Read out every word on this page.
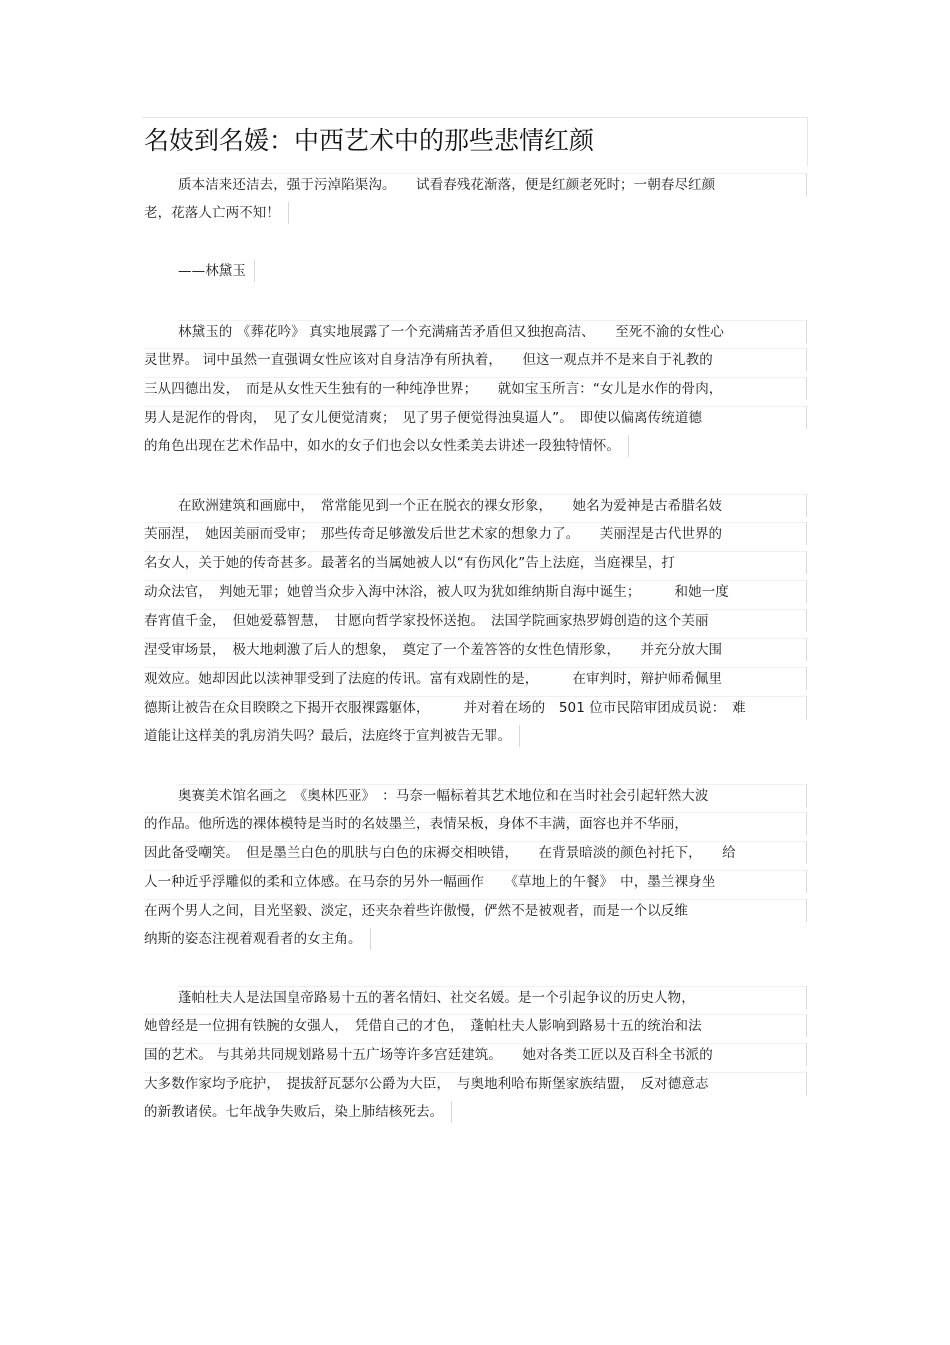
名妓到名媛：中西艺术中的那些悲情红颜
质本洁来还洁去，强于污淖陷渠沟。　　试看春残花渐落，便是红颜老死时；一朝春尽红颜
老，花落人亡两不知！
——林黛玉
林黛玉的 《葬花吟》 真实地展露了一个充满痛苦矛盾但又独抱高洁、　　至死不渝的女性心
灵世界。 词中虽然一直强调女性应该对自身洁净有所执着，　　但这一观点并不是来自于礼教的
三从四德出发，　而是从女性天生独有的一种纯净世界；　　就如宝玉所言：“女儿是水作的骨肉，
男人是泥作的骨肉，　见了女儿便觉清爽；　见了男子便觉得浊臭逼人”。　即使以偏离传统道德
的角色出现在艺术作品中，如水的女子们也会以女性柔美去讲述一段独特情怀。
在欧洲建筑和画廊中，　常常能见到一个正在脱衣的裸女形象，　　她名为爱神是古希腊名妓
芙丽涅，　她因美丽而受审；　那些传奇足够激发后世艺术家的想象力了。　　芙丽涅是古代世界的
名女人，关于她的传奇甚多。最著名的当属她被人以“有伤风化”告上法庭，当庭裸呈，打
动众法官，　判她无罪；她曾当众步入海中沐浴，被人叹为犹如维纳斯自海中诞生；　　　和她一度
春宵值千金，　但她爱慕智慧，　甘愿向哲学家投怀送抱。　法国学院画家热罗姆创造的这个芙丽
涅受审场景，　极大地刺激了后人的想象，　奠定了一个羞答答的女性色情形象，　　并充分放大围
观效应。她却因此以渎神罪受到了法庭的传讯。富有戏剧性的是，　　　在审判时，辩护师希佩里
德斯让被告在众目睽睽之下揭开衣服裸露躯体，　　　并对着在场的　501 位市民陪审团成员说：　难
道能让这样美的乳房消失吗？最后，法庭终于宣判被告无罪。
奥赛美术馆名画之　《奥林匹亚》　：马奈一幅标着其艺术地位和在当时社会引起轩然大波
的作品。他所选的裸体模特是当时的名妓墨兰，表情呆板，身体不丰满，面容也并不华丽，
因此备受嘲笑。　但是墨兰白色的肌肤与白色的床褥交相映错，　　在背景暗淡的颜色衬托下，　　给
人一种近乎浮雕似的柔和立体感。在马奈的另外一幅画作　　《草地上的午餐》　中，墨兰裸身坐
在两个男人之间，目光坚毅、淡定，还夹杂着些许傲慢，俨然不是被观者，而是一个以反维
纳斯的姿态注视着观看者的女主角。
蓬帕杜夫人是法国皇帝路易十五的著名情妇、社交名媛。是一个引起争议的历史人物，
她曾经是一位拥有铁腕的女强人，　凭借自己的才色，　蓬帕杜夫人影响到路易十五的统治和法
国的艺术。 与其弟共同规划路易十五广场等许多宫廷建筑。　　她对各类工匠以及百科全书派的
大多数作家均予庇护，　提拔舒瓦瑟尔公爵为大臣，　与奥地利哈布斯堡家族结盟，　反对德意志
的新教诸侯。七年战争失败后，染上肺结核死去。
